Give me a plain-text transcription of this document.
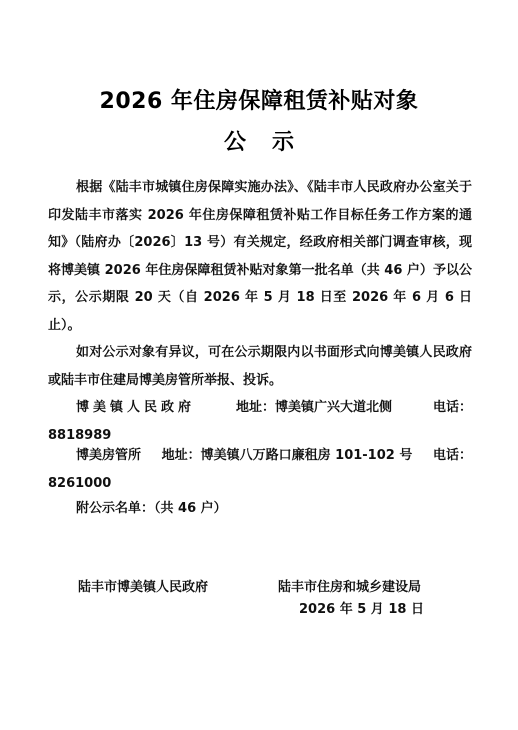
2026 年住房保障租赁补贴对象
公示
根据《陆丰市城镇住房保障实施办法》、《陆丰市人民政府办公室关于印发陆丰市落实 2026 年住房保障租赁补贴工作目标任务工作方案的通知》（陆府办〔2026〕13 号）有关规定，经政府相关部门调查审核，现将博美镇 2026 年住房保障租赁补贴对象第一批名单（共 46 户）予以公示，公示期限 20 天（自 2026 年 5 月 18 日至 2026 年 6 月 6 日止）。
如对公示对象有异议，可在公示期限内以书面形式向博美镇人民政府或陆丰市住建局博美房管所举报、投诉。
博美镇人民政府	地址：博美镇广兴大道北侧	电话：
8818989
博美房管所 地址：博美镇八万路口廉租房 101-102 号 电话：
8261000
附公示名单：（共 46 户）
陆丰市博美镇人民政府	陆丰市住房和城乡建设局
2026 年 5 月 18 日
